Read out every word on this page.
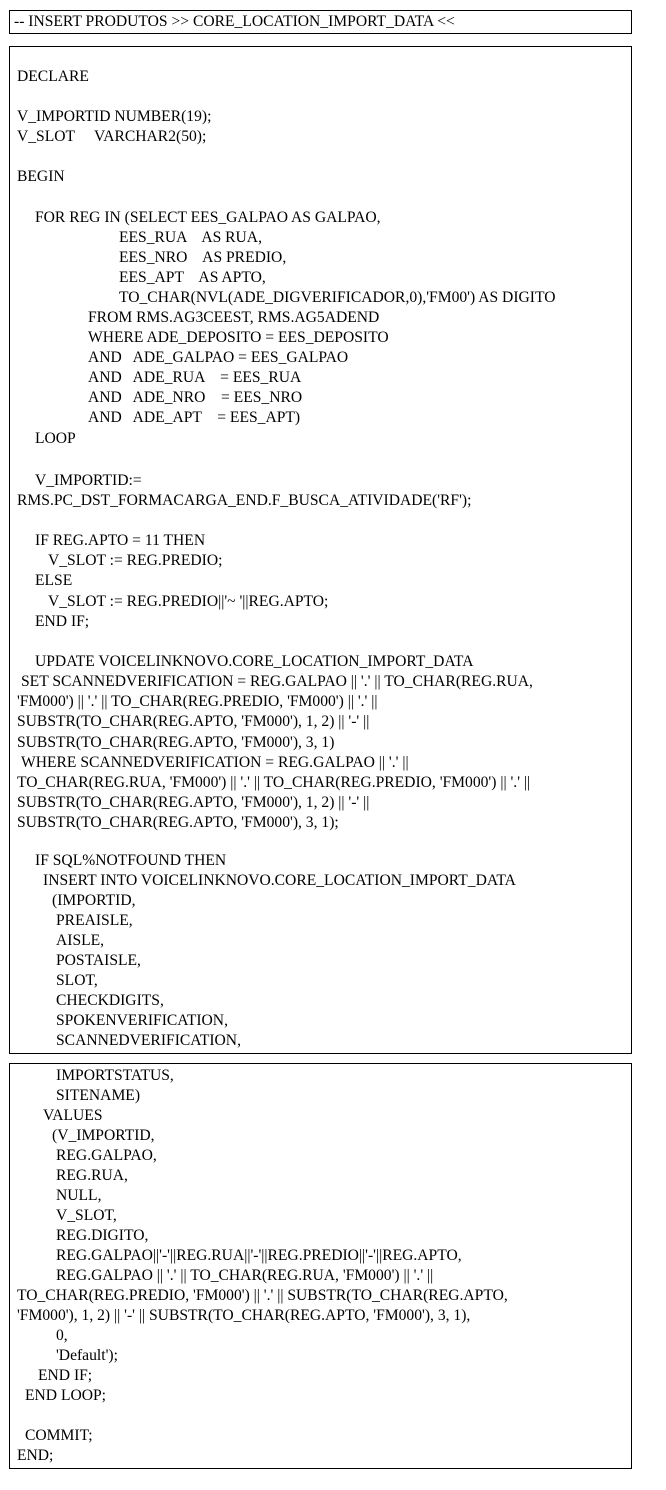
-- INSERT PRODUTOS >> CORE_LOCATION_IMPORT_DATA <<
DECLARE
V_IMPORTID NUMBER(19);
V_SLOT     VARCHAR2(50);
BEGIN
FOR REG IN (SELECT EES_GALPAO AS GALPAO,
EES_RUA    AS RUA,
EES_NRO    AS PREDIO,
EES_APT    AS APTO,
TO_CHAR(NVL(ADE_DIGVERIFICADOR,0),'FM00') AS DIGITO
FROM RMS.AG3CEEST, RMS.AG5ADEND
WHERE ADE_DEPOSITO = EES_DEPOSITO
AND   ADE_GALPAO = EES_GALPAO
AND   ADE_RUA    = EES_RUA
AND   ADE_NRO    = EES_NRO
AND   ADE_APT    = EES_APT)
LOOP
V_IMPORTID:=
RMS.PC_DST_FORMACARGA_END.F_BUSCA_ATIVIDADE('RF');
IF REG.APTO = 11 THEN
V_SLOT := REG.PREDIO;
ELSE
V_SLOT := REG.PREDIO||'~ '||REG.APTO;
END IF;
UPDATE VOICELINKNOVO.CORE_LOCATION_IMPORT_DATA
SET SCANNEDVERIFICATION = REG.GALPAO || '.' || TO_CHAR(REG.RUA,
'FM000') || '.' || TO_CHAR(REG.PREDIO, 'FM000') || '.' ||
SUBSTR(TO_CHAR(REG.APTO, 'FM000'), 1, 2) || '-' ||
SUBSTR(TO_CHAR(REG.APTO, 'FM000'), 3, 1)
WHERE SCANNEDVERIFICATION = REG.GALPAO || '.' ||
TO_CHAR(REG.RUA, 'FM000') || '.' || TO_CHAR(REG.PREDIO, 'FM000') || '.' ||
SUBSTR(TO_CHAR(REG.APTO, 'FM000'), 1, 2) || '-' ||
SUBSTR(TO_CHAR(REG.APTO, 'FM000'), 3, 1);
IF SQL%NOTFOUND THEN
INSERT INTO VOICELINKNOVO.CORE_LOCATION_IMPORT_DATA
(IMPORTID,
PREAISLE,
AISLE,
POSTAISLE,
SLOT,
CHECKDIGITS,
SPOKENVERIFICATION,
SCANNEDVERIFICATION,
IMPORTSTATUS,
SITENAME)
VALUES
(V_IMPORTID,
REG.GALPAO,
REG.RUA,
NULL,
V_SLOT,
REG.DIGITO,
REG.GALPAO||'-'||REG.RUA||'-'||REG.PREDIO||'-'||REG.APTO,
REG.GALPAO || '.' || TO_CHAR(REG.RUA, 'FM000') || '.' ||
TO_CHAR(REG.PREDIO, 'FM000') || '.' || SUBSTR(TO_CHAR(REG.APTO,
'FM000'), 1, 2) || '-' || SUBSTR(TO_CHAR(REG.APTO, 'FM000'), 3, 1),
0,
'Default');
END IF;
END LOOP;
COMMIT;
END;
